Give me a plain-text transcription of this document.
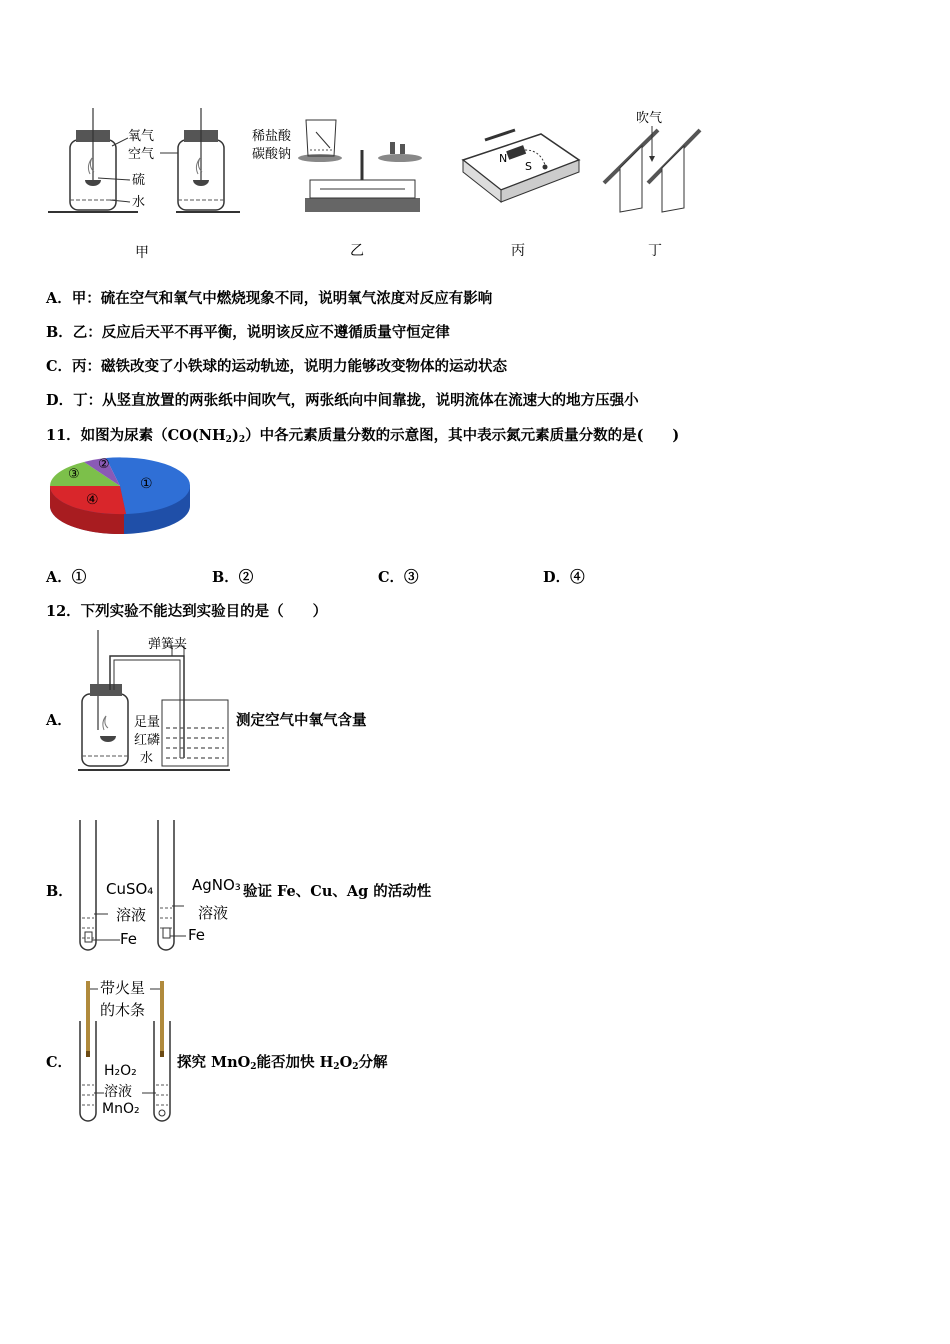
氧气
空气
硫
水
甲
稀盐酸
碳酸钠
乙
N
S
丙
吹气
丁
A．甲：硫在空气和氧气中燃烧现象不同，说明氧气浓度对反应有影响
B．乙：反应后天平不再平衡，说明该反应不遵循质量守恒定律
C．丙：磁铁改变了小铁球的运动轨迹，说明力能够改变物体的运动状态
D．丁：从竖直放置的两张纸中间吹气，两张纸向中间靠拢，说明流体在流速大的地方压强小
11．如图为尿素$(CO(NH_2)_2)$中各元素质量分数的示意图，其中表示氮元素质量分数的是(　　)
①
②
③
④
A．①	B．②	C．③	D．④
12．下列实验不能达到实验目的是（　　）
A．
弹簧夹
足量
红磷
水
测定空气中氧气含量
B． CuSO₄
溶液
Fe
AgNO₃
溶液
Fe
验证 Fe、Cu、Ag 的活动性
C．
带火星
的木条
H₂O₂
溶液
MnO₂
探究 MnO$_2$能否加快 $H_2O_2$分解
